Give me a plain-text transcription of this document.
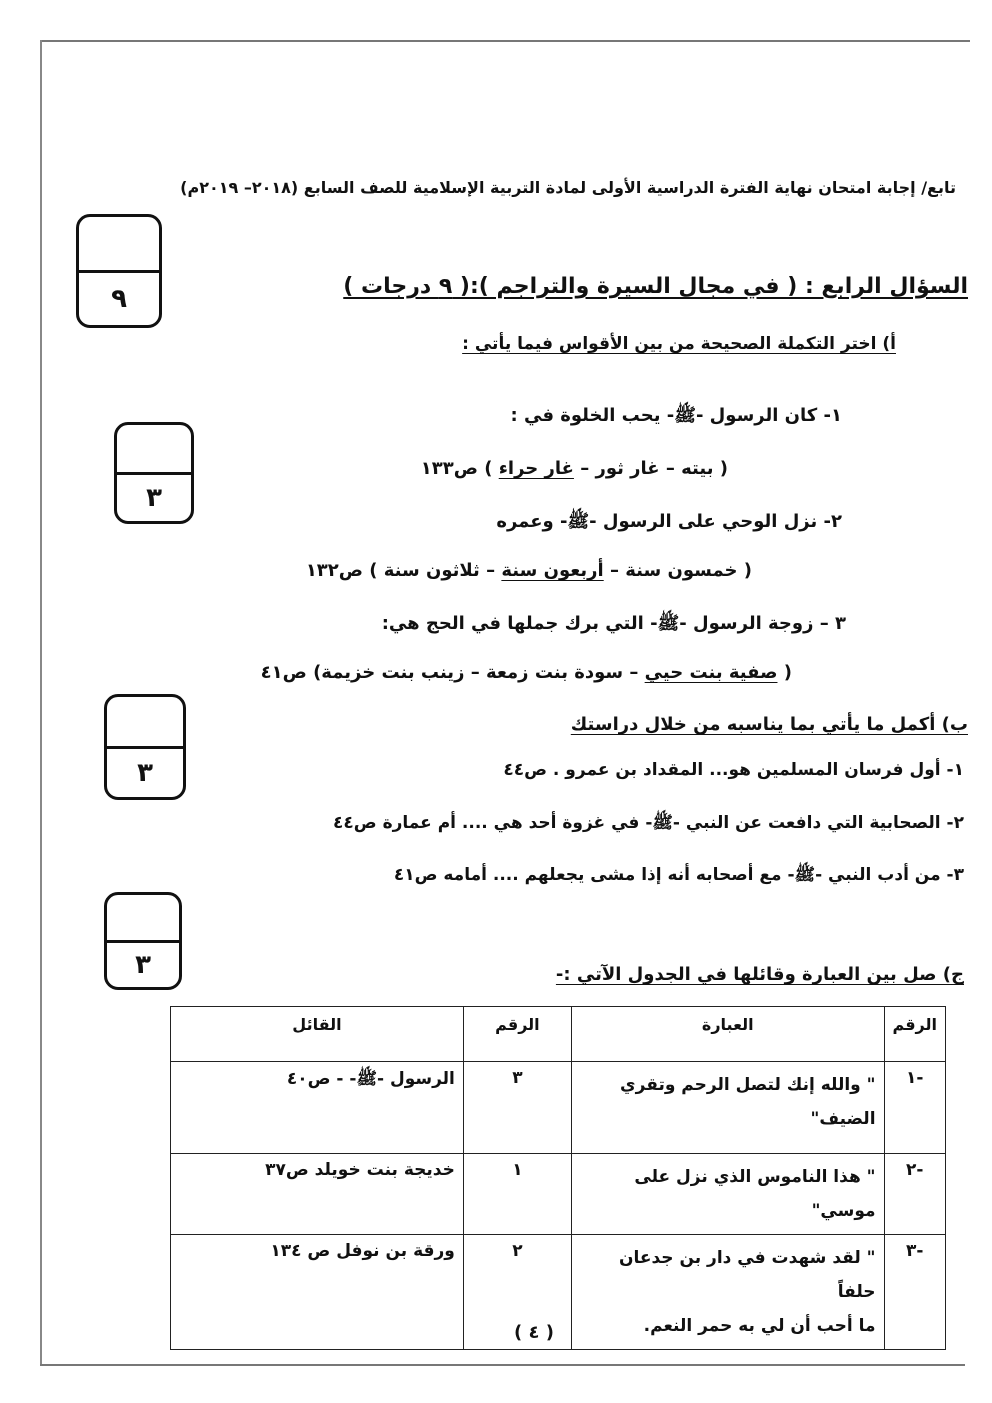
تابع/ إجابة امتحان نهاية الفترة الدراسية الأولى لمادة التربية الإسلامية للصف السابع (٢٠١٨– ٢٠١٩م)
٩	السؤال الرابع : ( في مجال السيرة والتراجم ):( ٩ درجات )
أ) اختر التكملة الصحيحة من بين الأقواس فيما يأتي :
٣
١- كان الرسول -ﷺ- يحب الخلوة في :
( بيته – غار ثور – غار حراء ) ص١٣٣
٢- نزل الوحي على الرسول -ﷺ- وعمره
( خمسون سنة – أربعون سنة – ثلاثون سنة ) ص١٣٢
٣ – زوجة الرسول -ﷺ- التي برك جملها في الحج هي:
( صفية بنت حيي – سودة بنت زمعة – زينب بنت خزيمة) ص٤١
٣
ب) أكمل ما يأتي بما يناسبه من خلال دراستك
١- أول فرسان المسلمين هو... المقداد بن عمرو . ص٤٤
٢- الصحابية التي دافعت عن النبي -ﷺ- في غزوة أحد هي .... أم عمارة ص٤٤
٣- من أدب النبي -ﷺ- مع أصحابه أنه إذا مشى يجعلهم .... أمامه ص٤١
٣	ج) صل بين العبارة وقائلها في الجدول الآتي :-
الرقم	العبارة	الرقم	القائل
-١	" والله إنك لتصل الرحم وتقري
الضيف"	٣	الرسول -ﷺ- - ص٤٠
-٢	" هذا الناموس الذي نزل على موسي"	١	خديجة بنت خويلد ص٣٧
-٣	" لقد شهدت في دار بن جدعان حلفاً
ما أحب أن لي به حمر النعم.	٢	ورقة بن نوفل ص ١٣٤
( ٤ )
